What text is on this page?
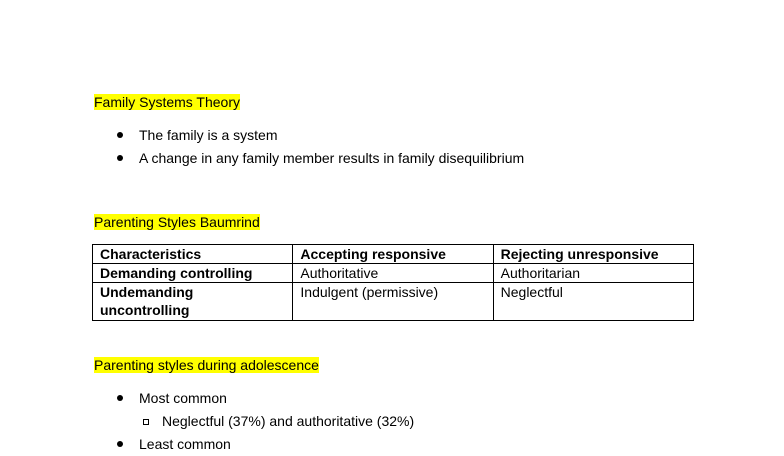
Family Systems Theory
The family is a system
A change in any family member results in family disequilibrium
Parenting Styles Baumrind
Characteristics	Accepting responsive	Rejecting unresponsive
Demanding controlling	Authoritative	Authoritarian
Undemanding uncontrolling	Indulgent (permissive)	Neglectful
Parenting styles during adolescence
Most common
Neglectful (37%) and authoritative (32%)
Least common
